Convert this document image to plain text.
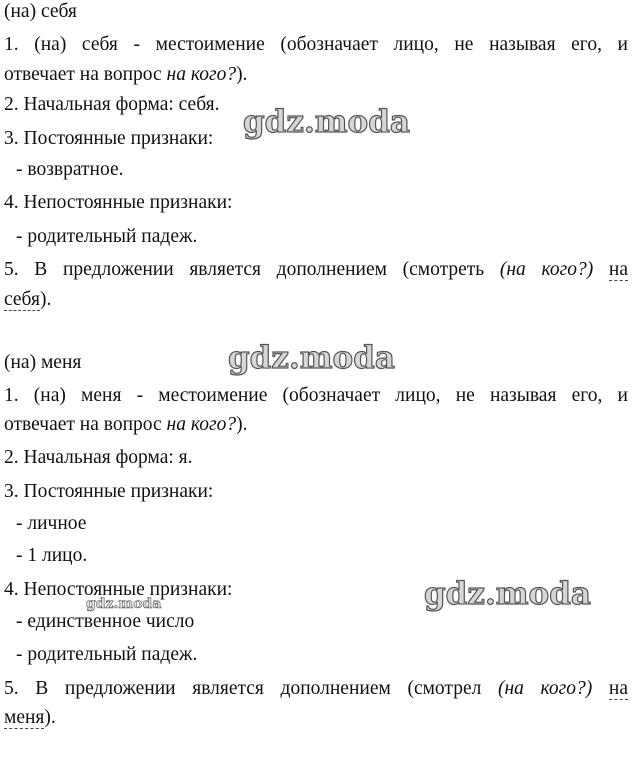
(на) себя
1. (на) себя - местоимение (обозначает лицо, не называя его, и
отвечает на вопрос на кого?).
2. Начальная форма: себя.
3. Постоянные признаки:
- возвратное.
4. Непостоянные признаки:
- родительный падеж.
5. В предложении является дополнением (смотреть (на кого?) на
себя).
(на) меня
1. (на) меня - местоимение (обозначает лицо, не называя его, и
отвечает на вопрос на кого?).
2. Начальная форма: я.
3. Постоянные признаки:
- личное
- 1 лицо.
4. Непостоянные признаки:
- единственное число
- родительный падеж.
5. В предложении является дополнением (смотрел (на кого?) на
меня).
gdz.moda
gdz.moda
gdz.moda
gdz.moda
